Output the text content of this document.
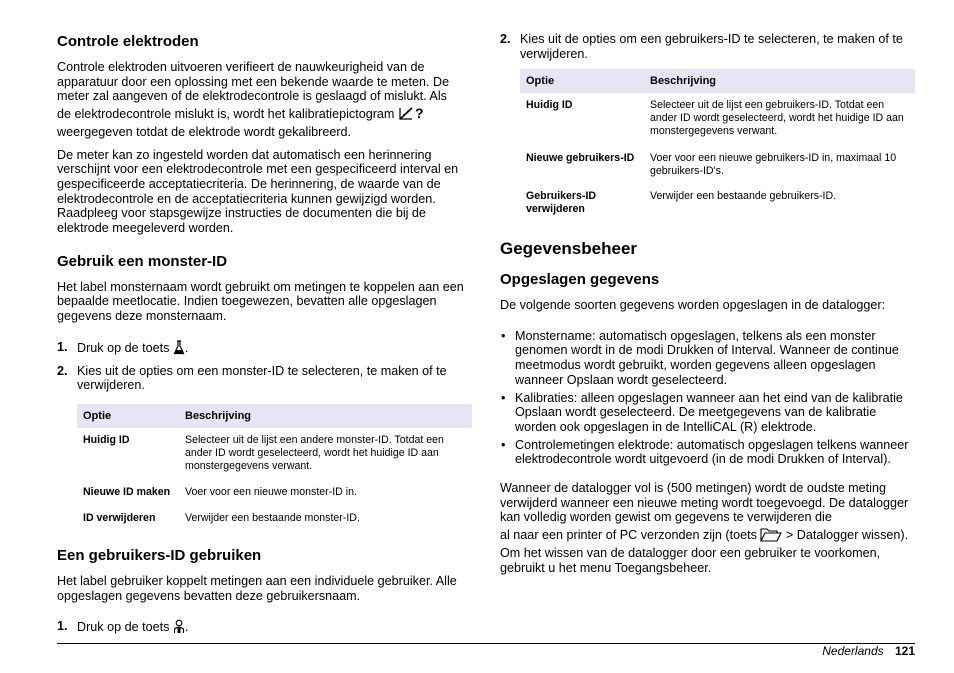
Controle elektroden

Controle elektroden uitvoeren verifieert de nauwkeurigheid van de apparatuur door een oplossing met een bekende waarde te meten. De meter zal aangeven of de elektrodecontrole is geslaagd of mislukt. Als

de elektrodecontrole mislukt is, wordt het kalibratiepictogram ?

weergegeven totdat de elektrode wordt gekalibreerd.

De meter kan zo ingesteld worden dat automatisch een herinnering verschijnt voor een elektrodecontrole met een gespecificeerd interval en gespecificeerde acceptatiecriteria. De herinnering, de waarde van de elektrodecontrole en de acceptatiecriteria kunnen gewijzigd worden. Raadpleeg voor stapsgewijze instructies de documenten die bij de elektrode meegeleverd worden.

Gebruik een monster-ID

Het label monsternaam wordt gebruikt om metingen te koppelen aan een bepaalde meetlocatie. Indien toegewezen, bevatten alle opgeslagen gegevens deze monsternaam.

1. Druk op de toets .
2. Kies uit de opties om een monster-ID te selecteren, te maken of te verwijderen.
Optie	Beschrijving
Huidig ID	Selecteer uit de lijst een andere monster-ID. Totdat een ander ID wordt geselecteerd, wordt het huidige ID aan monstergegevens verwant.
Nieuwe ID maken	Voer voor een nieuwe monster-ID in.
ID verwijderen	Verwijder een bestaande monster-ID.
Een gebruikers-ID gebruiken

Het label gebruiker koppelt metingen aan een individuele gebruiker. Alle opgeslagen gegevens bevatten deze gebruikersnaam.

1. Druk op de toets .
2. Kies uit de opties om een gebruikers-ID te selecteren, te maken of te verwijderen.
Optie	Beschrijving
Huidig ID	Selecteer uit de lijst een gebruikers-ID. Totdat een ander ID wordt geselecteerd, wordt het huidige ID aan monstergegevens verwant.
Nieuwe gebruikers-ID	Voer voor een nieuwe gebruikers-ID in, maximaal 10 gebruikers-ID's.
Gebruikers-ID verwijderen	Verwijder een bestaande gebruikers-ID.
Gegevensbeheer
Opgeslagen gegevens

De volgende soorten gegevens worden opgeslagen in de datalogger:

• Monstername: automatisch opgeslagen, telkens als een monster genomen wordt in de modi Drukken of Interval. Wanneer de continue meetmodus wordt gebruikt, worden gegevens alleen opgeslagen wanneer Opslaan wordt geselecteerd.
• Kalibraties: alleen opgeslagen wanneer aan het eind van de kalibratie Opslaan wordt geselecteerd. De meetgegevens van de kalibratie worden ook opgeslagen in de IntelliCAL (R) elektrode.
• Controlemetingen elektrode: automatisch opgeslagen telkens wanneer elektrodecontrole wordt uitgevoerd (in de modi Drukken of Interval).

Wanneer de datalogger vol is (500 metingen) wordt de oudste meting verwijderd wanneer een nieuwe meting wordt toegevoegd. De datalogger kan volledig worden gewist om gegevens te verwijderen die

al naar een printer of PC verzonden zijn (toets > Datalogger wissen). Om het wissen van de datalogger door een gebruiker te voorkomen, gebruikt u het menu Toegangsbeheer.

Nederlands 121
